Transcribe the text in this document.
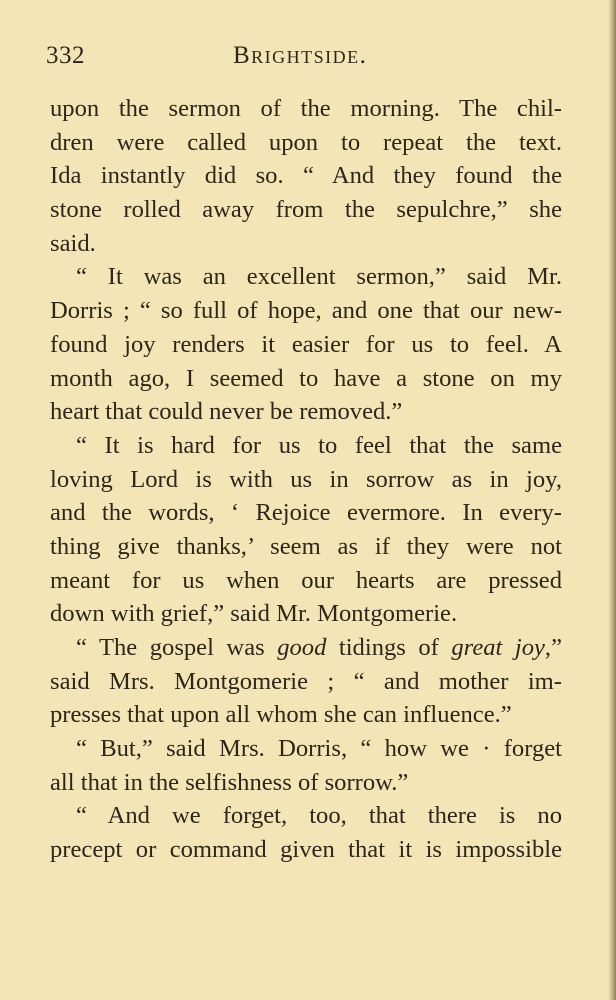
332	Brightside.
upon the sermon of the morning. The chil-
dren were called upon to repeat the text.
Ida instantly did so. “ And they found the
stone rolled away from the sepulchre,” she
said.
“ It was an excellent sermon,” said Mr.
Dorris ; “ so full of hope, and one that our new-
found joy renders it easier for us to feel. A
month ago, I seemed to have a stone on my
heart that could never be removed.”
“ It is hard for us to feel that the same
loving Lord is with us in sorrow as in joy,
and the words, ‘ Rejoice evermore. In every-
thing give thanks,’ seem as if they were not
meant for us when our hearts are pressed
down with grief,” said Mr. Montgomerie.
“ The gospel was good tidings of great joy,”
said Mrs. Montgomerie ; “ and mother im-
presses that upon all whom she can influence.”
“ But,” said Mrs. Dorris, “ how we · forget
all that in the selfishness of sorrow.”
“ And we forget, too, that there is no
precept or command given that it is impossible
